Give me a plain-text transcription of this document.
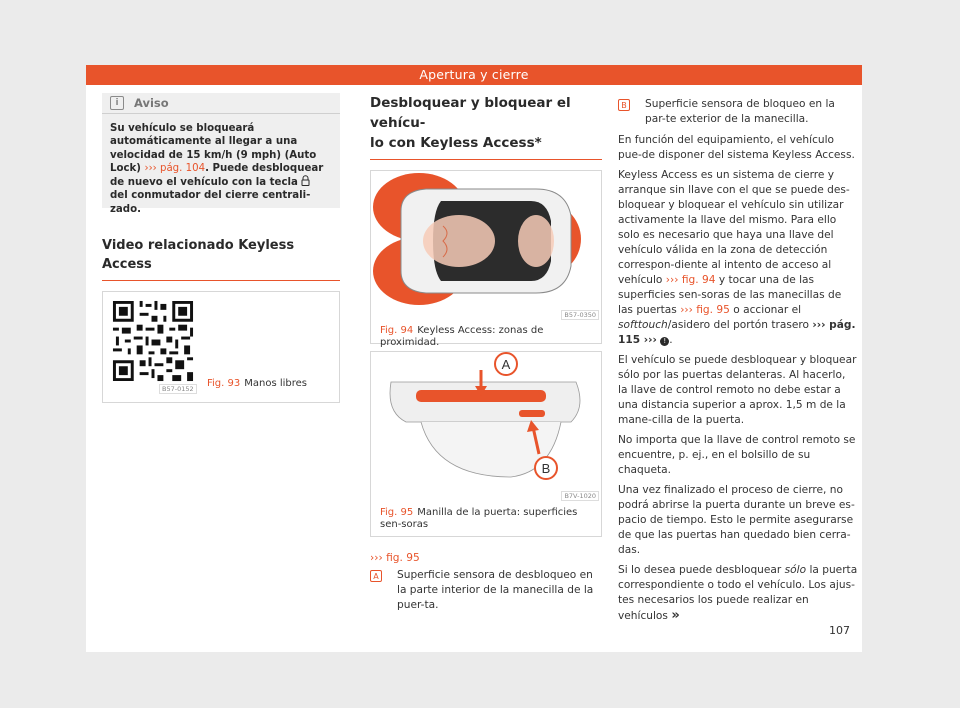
Apertura y cierre
i	Aviso
Su vehículo se bloqueará automáticamente al llegar a una velocidad de 15 km/h (9 mph) (Auto Lock) ››› pág. 104. Puede desbloquear de nuevo el vehículo con la tecla  del conmutador del cierre centralizado.
Video relacionado Keyless Access
B57-0152	Fig. 93 Manos libres
Desbloquear y bloquear el vehícu-
lo con Keyless Access*
B57-0350
Fig. 94 Keyless Access: zonas de proximidad.
A
B
B7V-1020
Fig. 95 Manilla de la puerta: superficies sen-soras
››› fig. 95
A	Superficie sensora de desbloqueo en la parte interior de la manecilla de la puer-ta.
B	Superficie sensora de bloqueo en la par-te exterior de la manecilla.

En función del equipamiento, el vehículo pue-de disponer del sistema Keyless Access.

Keyless Access es un sistema de cierre y arranque sin llave con el que se puede des-bloquear y bloquear el vehículo sin utilizar activamente la llave del mismo. Para ello solo es necesario que haya una llave del vehículo válida en la zona de detección correspon-diente al intento de acceso al vehículo ››› fig. 94 y tocar una de las superficies sen-soras de las manecillas de las puertas ››› fig. 95 o accionar el softtouch/asidero del portón trasero ››› pág. 115 ››› ! .

El vehículo se puede desbloquear y bloquear sólo por las puertas delanteras. Al hacerlo, la llave de control remoto no debe estar a una distancia superior a aprox. 1,5 m de la mane-cilla de la puerta.

No importa que la llave de control remoto se encuentre, p. ej., en el bolsillo de su chaqueta.

Una vez finalizado el proceso de cierre, no podrá abrirse la puerta durante un breve es-pacio de tiempo. Esto le permite asegurarse de que las puertas han quedado bien cerra-das.

Si lo desea puede desbloquear sólo la puerta correspondiente o todo el vehículo. Los ajus-tes necesarios los puede realizar en vehículos »

107
